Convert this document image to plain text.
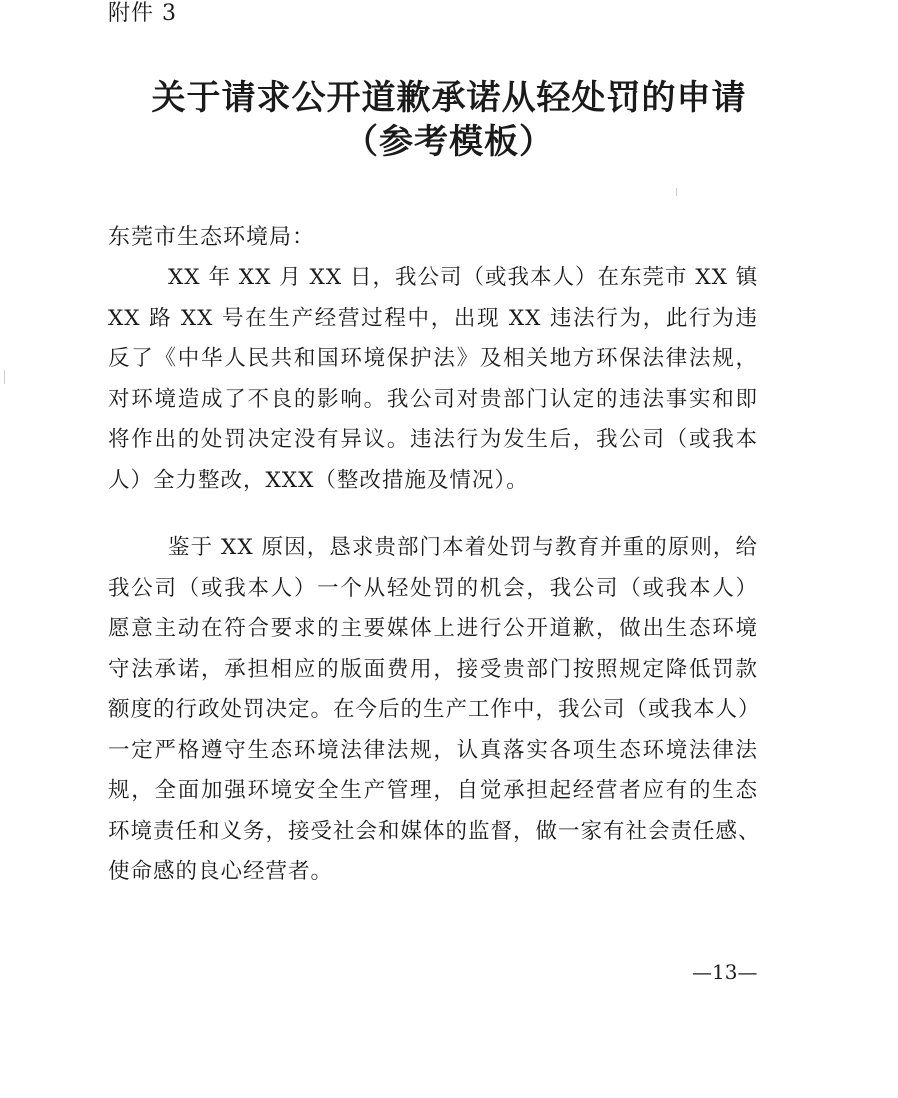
附件 3
关于请求公开道歉承诺从轻处罚的申请
（参考模板）
东莞市生态环境局：
XX 年 XX 月 XX 日，我公司（或我本人）在东莞市 XX 镇
XX 路 XX 号在生产经营过程中，出现 XX 违法行为，此行为违
反了《中华人民共和国环境保护法》及相关地方环保法律法规，
对环境造成了不良的影响。我公司对贵部门认定的违法事实和即
将作出的处罚决定没有异议。违法行为发生后，我公司（或我本
人）全力整改，XXX（整改措施及情况）。
鉴于 XX 原因，恳求贵部门本着处罚与教育并重的原则，给
我公司（或我本人）一个从轻处罚的机会，我公司（或我本人）
愿意主动在符合要求的主要媒体上进行公开道歉，做出生态环境
守法承诺，承担相应的版面费用，接受贵部门按照规定降低罚款
额度的行政处罚决定。在今后的生产工作中，我公司（或我本人）
一定严格遵守生态环境法律法规，认真落实各项生态环境法律法
规，全面加强环境安全生产管理，自觉承担起经营者应有的生态
环境责任和义务，接受社会和媒体的监督，做一家有社会责任感、
使命感的良心经营者。
—13—
